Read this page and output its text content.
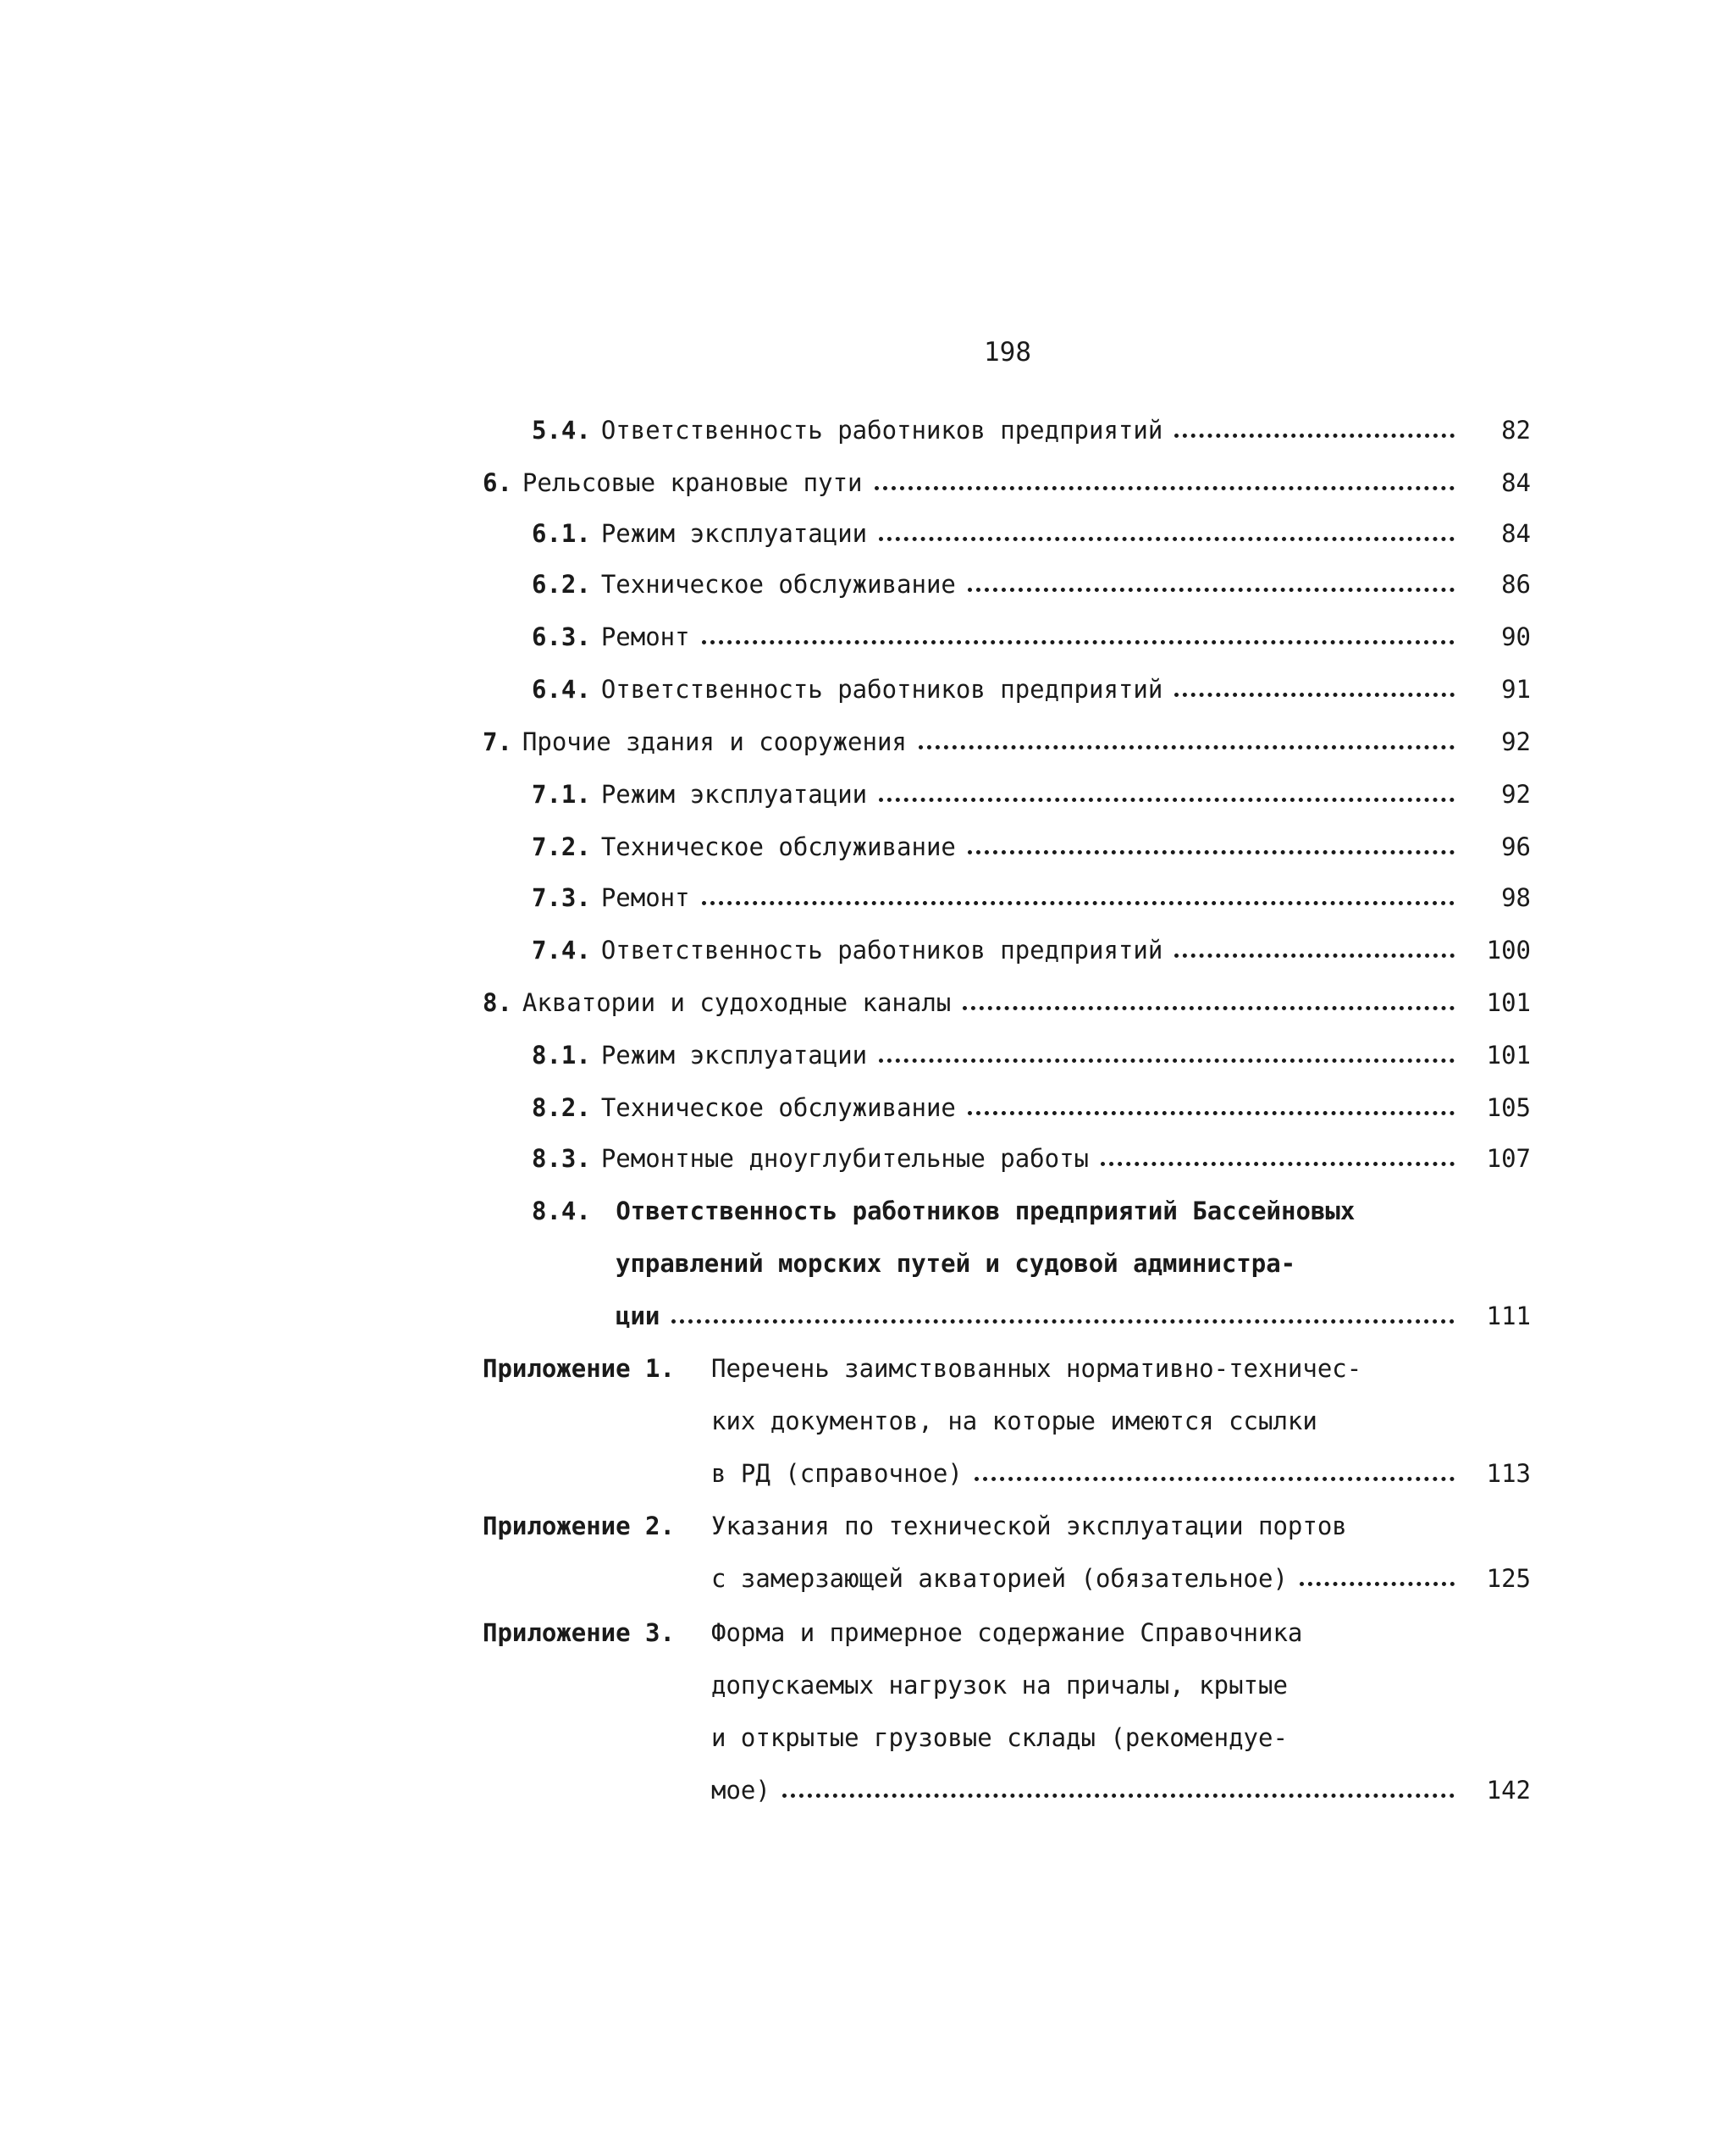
198
5.4. Ответственность работников предприятий	82
6. Рельсовые крановые пути	84
6.1. Режим эксплуатации	84
6.2. Техническое обслуживание	86
6.3. Ремонт	90
6.4. Ответственность работников предприятий	91
7. Прочие здания и сооружения	92
7.1. Режим эксплуатации	92
7.2. Техническое обслуживание	96
7.3. Ремонт	98
7.4. Ответственность работников предприятий	100
8. Акватории и судоходные каналы	101
8.1. Режим эксплуатации	101
8.2. Техническое обслуживание	105
8.3. Ремонтные дноуглубительные работы	107
8.4. Ответственность работников предприятий Бассейновых
управлений морских путей и судовой администра-
ции	111
Приложение 1. Перечень заимствованных нормативно-техничес-
ких документов, на которые имеются ссылки
в РД (справочное)	113
Приложение 2. Указания по технической эксплуатации портов
с замерзающей акваторией (обязательное)	125
Приложение 3. Форма и примерное содержание Справочника
допускаемых нагрузок на причалы, крытые
и открытые грузовые склады (рекомендуе-
мое)	142
